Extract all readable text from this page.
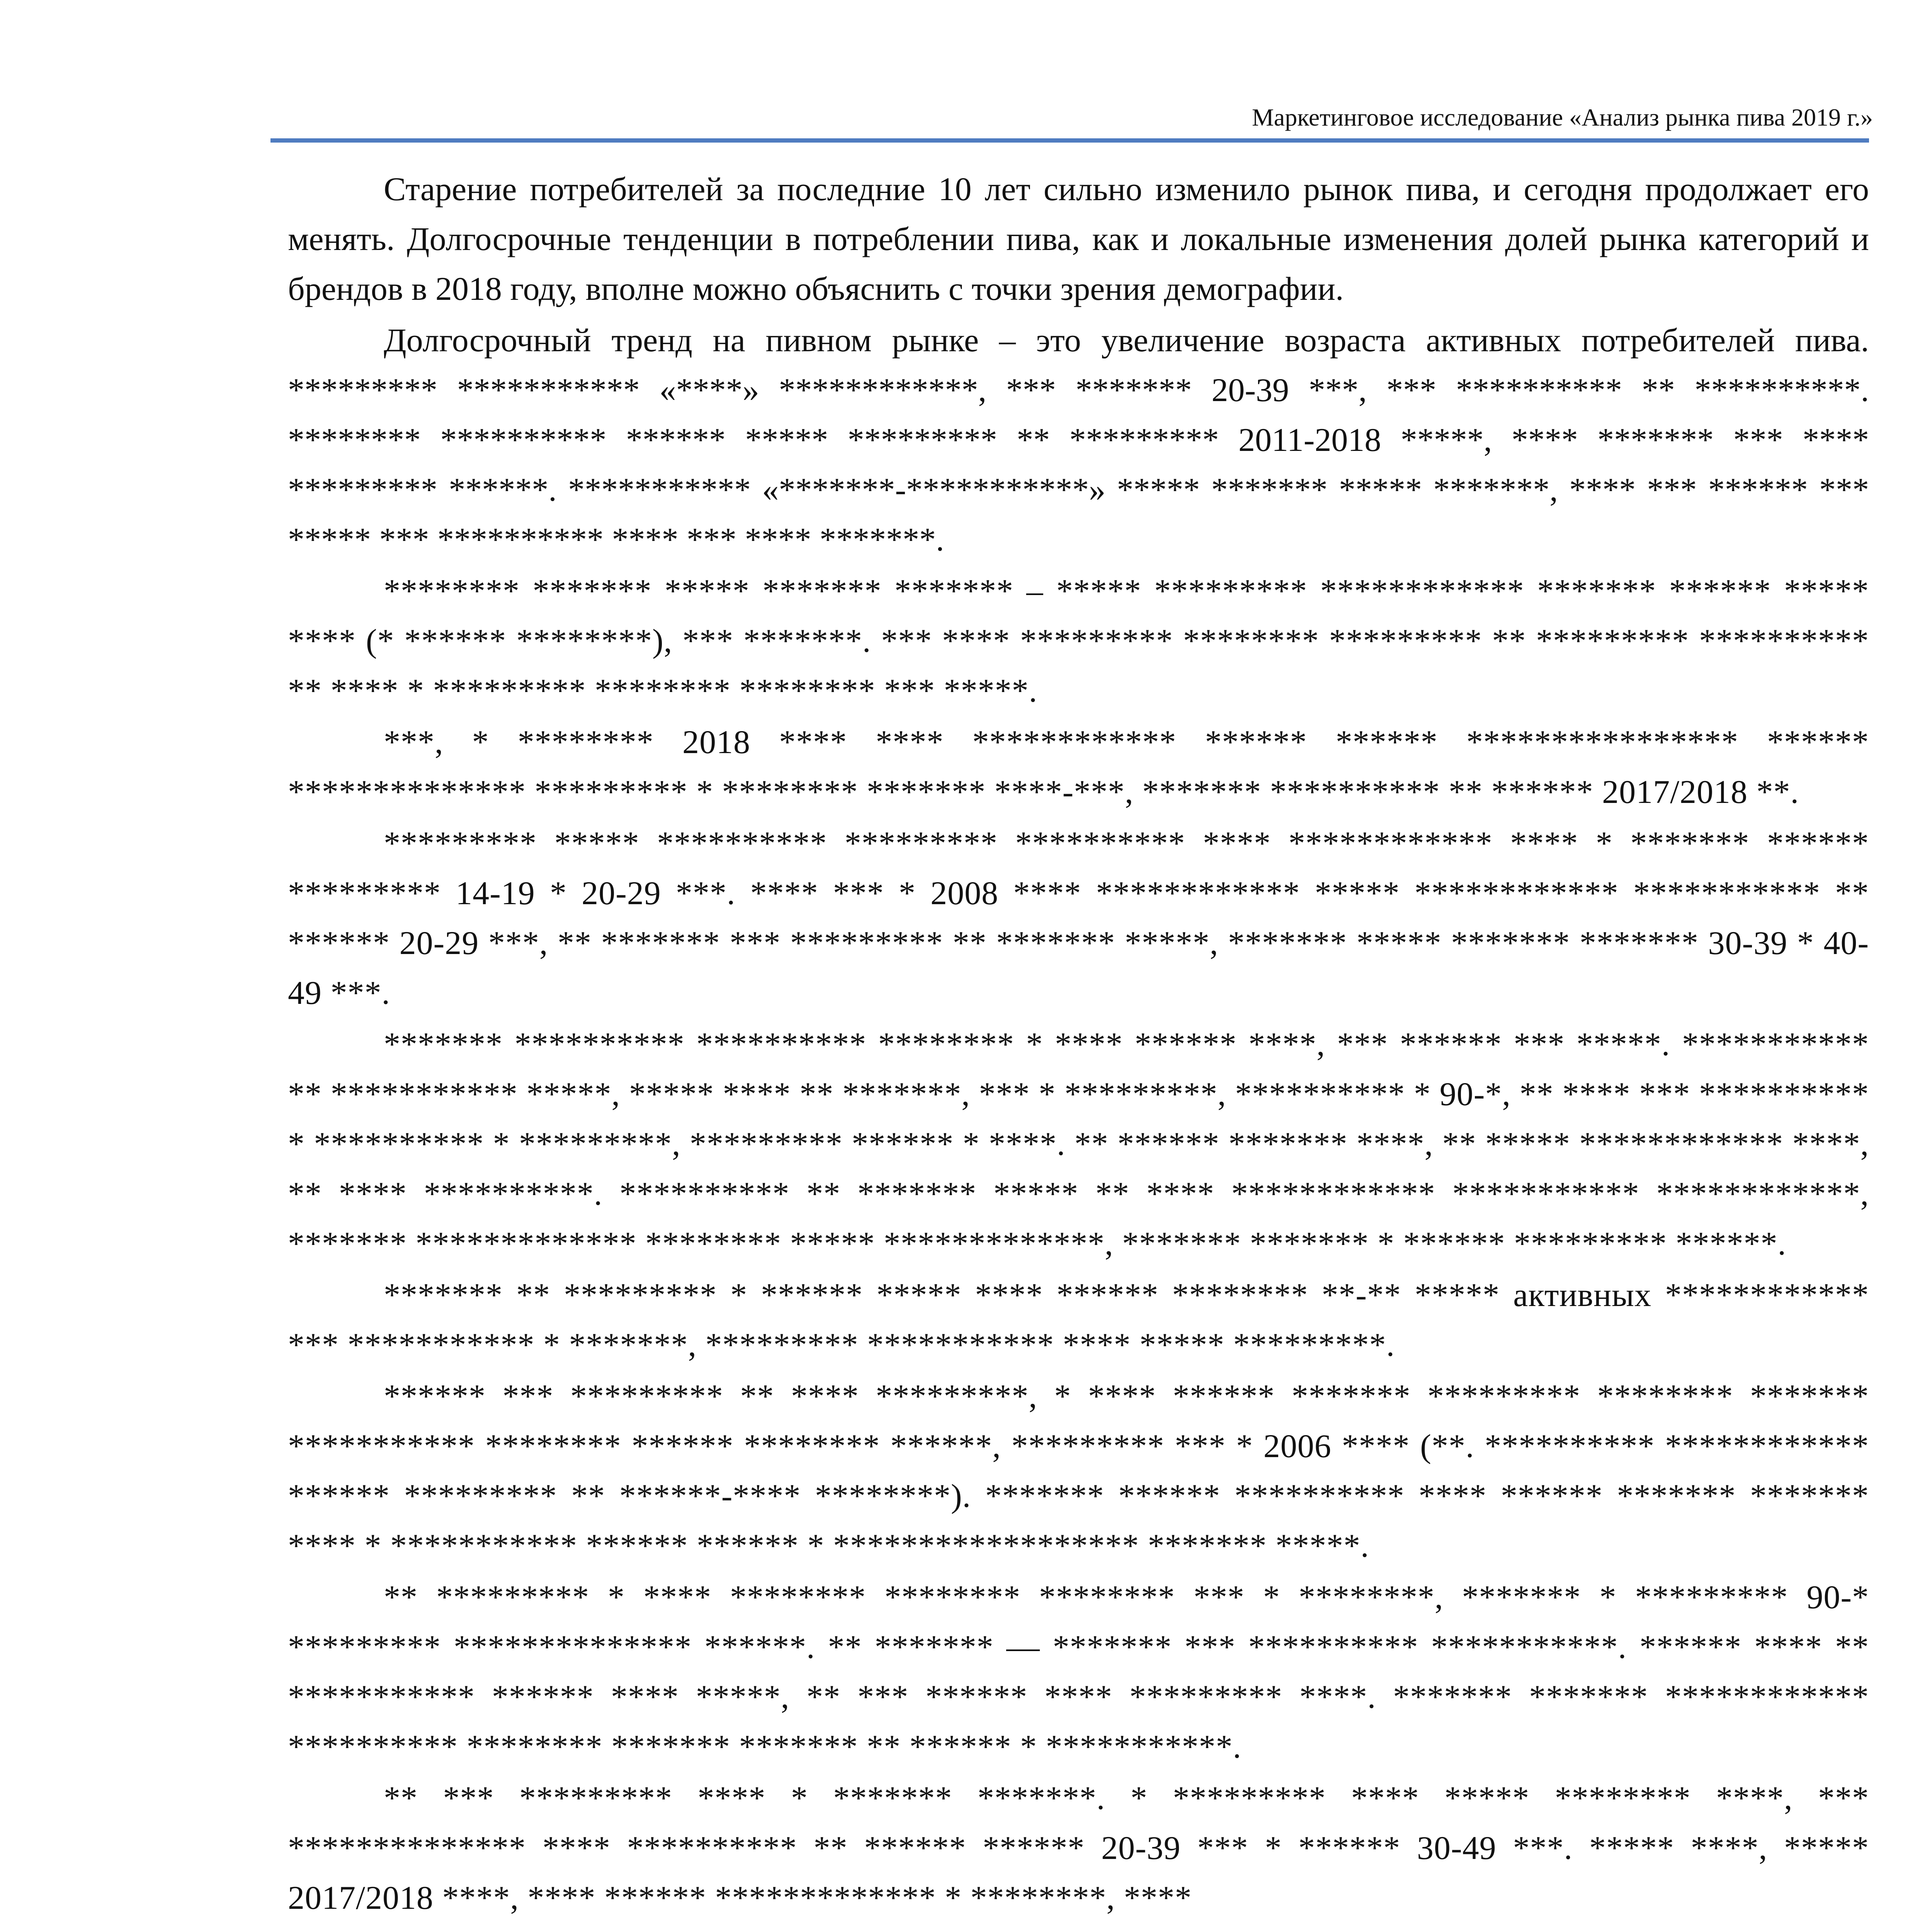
Маркетинговое исследование «Анализ рынка пива 2019 г.»

Старение потребителей за последние 10 лет сильно изменило рынок пива, и сегодня продолжает его менять. Долгосрочные тенденции в потреблении пива, как и локальные изменения долей рынка категорий и брендов в 2018 году, вполне можно объяснить с точки зрения демографии.

Долгосрочный тренд на пивном рынке – это увеличение возраста активных потребителей пива. ********* *********** «****» ************, *** ******* 20-39 ***, *** ********** ** **********. ******** ********** ****** ***** ********* ** ********* 2011-2018 *****, **** ******* *** **** ********* ******. *********** «*******-***********» ***** ******* ***** *******, **** *** ****** *** ***** *** ********** **** *** **** *******.

******** ******* ***** ******* ******* – ***** ********* ************ ******* ****** ***** **** (* ****** ********), *** *******. *** **** ********* ******** ********* ** ********* ********** ** **** * ********* ******** ******** *** *****.

***, * ******** 2018 **** **** ************ ****** ****** **************** ****** ************** ********* * ******** ******* ****-***, ******* ********** ** ****** 2017/2018 **.

********* ***** ********** ********* ********** **** ************ **** * ******* ****** ********* 14-19 * 20-29 ***. **** *** * 2008 **** ************ ***** ************ *********** ** ****** 20-29 ***, ** ******* *** ********* ** ******* *****, ******* ***** ******* ******* 30-39 * 40-49 ***.

******* ********** ********** ******** * **** ****** ****, *** ****** *** *****. *********** ** *********** *****, ***** **** ** *******, *** * *********, ********** * 90-*, ** **** *** ********** * ********** * *********, ********* ****** * ****. ** ****** ******* ****, ** ***** ************ ****, ** **** **********. ********** ** ******* ***** ** **** ************ *********** ************, ******* ************* ******** ***** *************, ******* ******* * ****** ********* ******.

******* ** ********* * ****** ***** **** ****** ******** **-** ***** активных ************ *** *********** * *******, ********* *********** **** ***** *********.

****** *** ********* ** **** *********, * **** ****** ******* ********* ******** ******* *********** ******** ****** ******** ******, ********* *** * 2006 **** (**. ********** ************ ****** ********* ** ******-**** ********). ******* ****** ********** **** ****** ******* ******* **** * *********** ****** ****** * ****************** ******* *****.

** ********* * **** ******** ******** ******** *** * ********, ******* * ********* 90-* ********* ************** ******. ** ******* — ******* *** ********** ***********. ****** **** ** *********** ****** **** *****, ** *** ****** **** ********* ****. ******* ******* ************ ********** ******** ******* ******* ** ****** * ***********.

** *** ********* **** * ******* *******. * ********* **** ***** ******** ****, *** ************** **** ********** ** ****** ****** 20-39 *** * ****** 30-49 ***. ***** ****, ***** 2017/2018 ****, **** ****** ************* * ********, ****
